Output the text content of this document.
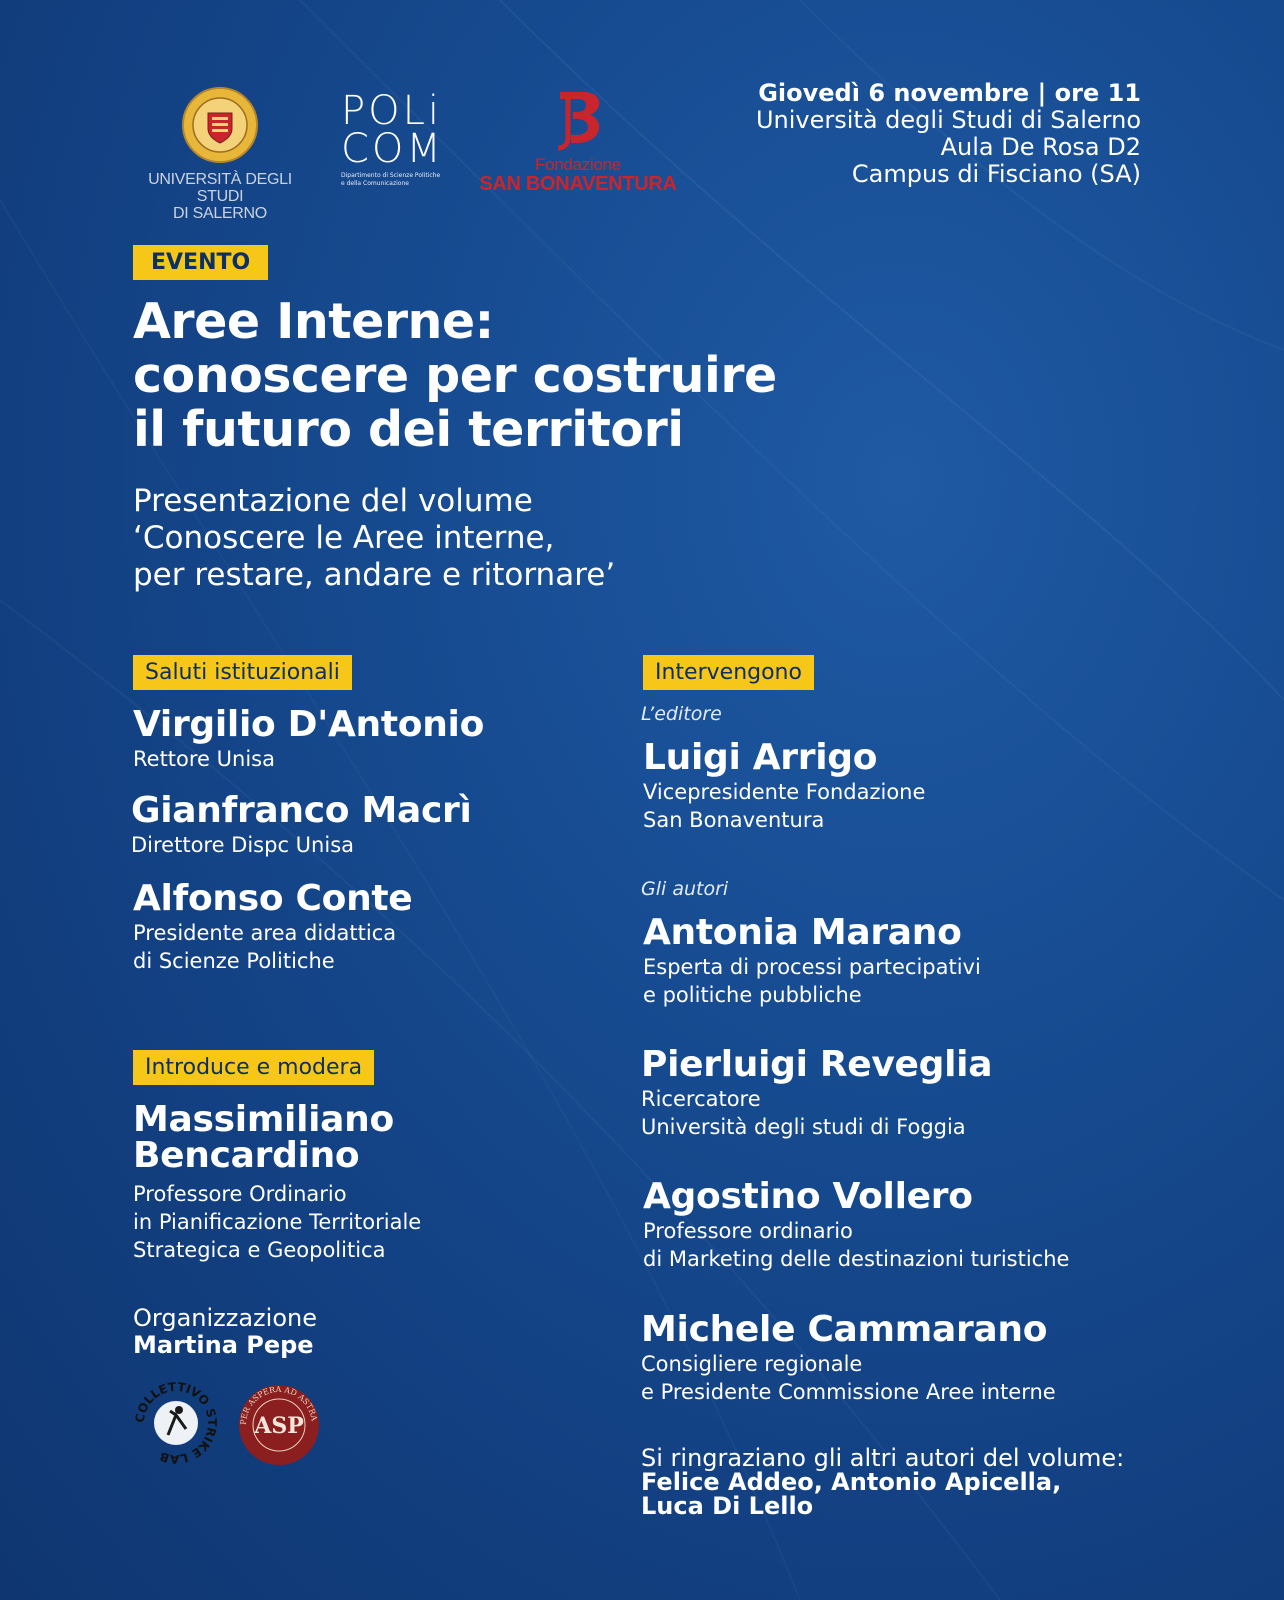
UNIVERSITÀ DEGLI STUDI
DI SALERNO
POLi
COM
Dipartimento di Scienze Politiche
e della Comunicazione
Fondazione
SAN BONAVENTURA
Giovedì 6 novembre | ore 11
Università degli Studi di Salerno
Aula De Rosa D2
Campus di Fisciano (SA)
EVENTO
Aree Interne:
conoscere per costruire
il futuro dei territori
Presentazione del volume
‘Conoscere le Aree interne,
per restare, andare e ritornare’
Saluti istituzionali
Virgilio D'Antonio
Rettore Unisa
Gianfranco Macrì
Direttore Dispc Unisa
Alfonso Conte
Presidente area didattica
di Scienze Politiche
Introduce e modera
Massimiliano
Bencardino
Professore Ordinario
in Pianificazione Territoriale
Strategica e Geopolitica
Organizzazione
Martina Pepe
COLLETTIVO STRIKE LAB
PER ASPERA AD ASTRA
ASP
Intervengono
L’editore
Luigi Arrigo
Vicepresidente Fondazione
San Bonaventura
Gli autori
Antonia Marano
Esperta di processi partecipativi
e politiche pubbliche
Pierluigi Reveglia
Ricercatore
Università degli studi di Foggia
Agostino Vollero
Professore ordinario
di Marketing delle destinazioni turistiche
Michele Cammarano
Consigliere regionale
e Presidente Commissione Aree interne
Si ringraziano gli altri autori del volume:
Felice Addeo, Antonio Apicella,
Luca Di Lello
